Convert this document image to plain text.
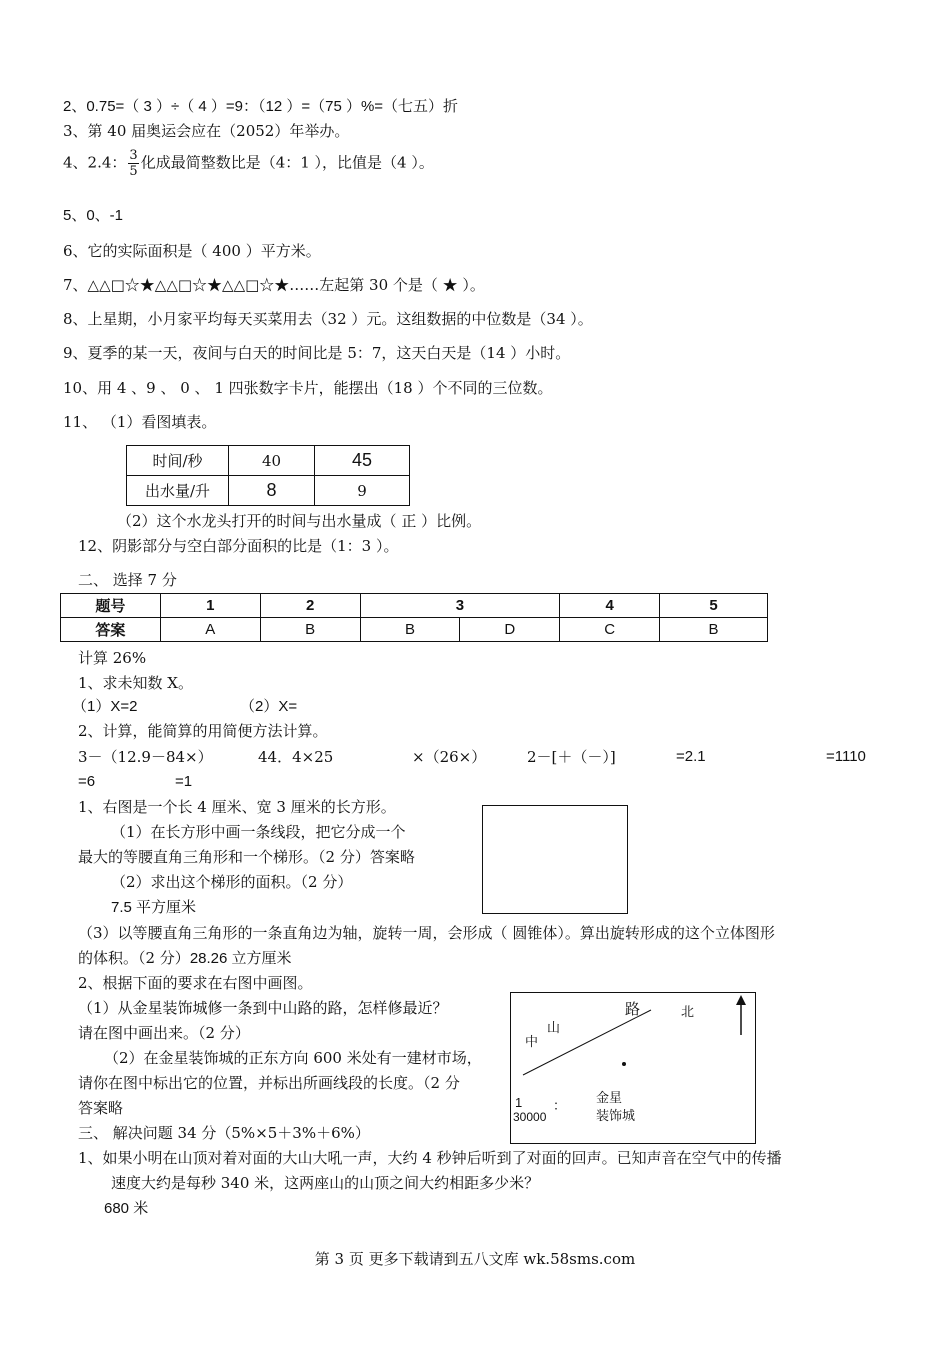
2、0.75=（ 3 ）÷（ 4 ）=9：（12 ）=（75 ）%=（七五）折
3、第 40 届奥运会应在（2052）年举办。
4、2.4： $\frac{3}{5}$ 化成最简整数比是（4：1 ），比值是（4 ）。
5、0、-1
6、它的实际面积是（ 400 ）平方米。
7、△△□☆★△△□☆★△△□☆★……左起第 30 个是（ ★ ）。
8、上星期，小月家平均每天买菜用去（32 ）元。这组数据的中位数是（34 ）。
9、夏季的某一天，夜间与白天的时间比是 5：7，这天白天是（14 ）小时。
10、用 4 、9 、 0 、 1 四张数字卡片，能摆出（18 ）个不同的三位数。
11、 （1）看图填表。
时间/秒	40	45
出水量/升	8	9
（2）这个水龙头打开的时间与出水量成（ 正 ）比例。
12、阴影部分与空白部分面积的比是（1：3 ）。
二、 选择 7 分
题号	1	2	3		4	5
答案	A	B	B	D	C	B
计算 26%
1、求未知数 X。
（1）X=2	（2）X=
2、计算，能简算的用简便方法计算。
3－（12.9－84×）	44．4×25	×（26×）	2－[＋（－）]	=2.1	=1110
=6	=1
1、右图是一个长 4 厘米、宽 3 厘米的长方形。
（1）在长方形中画一条线段，把它分成一个
最大的等腰直角三角形和一个梯形。（2 分）答案略
（2）求出这个梯形的面积。（2 分）
7.5 平方厘米
（3）以等腰直角三角形的一条直角边为轴，旋转一周，会形成（ 圆锥体）。算出旋转形成的这个立体图形
的体积。（2 分）28.26 立方厘米
2、根据下面的要求在右图中画图。
（1）从金星装饰城修一条到中山路的路，怎样修最近？
请在图中画出来。（2 分）
（2）在金星装饰城的正东方向 600 米处有一建材市场，
请你在图中标出它的位置，并标出所画线段的长度。（2 分
答案略
路	北
山
中
1 ：
30000
金星
装饰城
三、 解决问题 34 分（5%×5＋3%＋6%）
1、如果小明在山顶对着对面的大山大吼一声，大约 4 秒钟后听到了对面的回声。已知声音在空气中的传播
速度大约是每秒 340 米，这两座山的山顶之间大约相距多少米？
680 米
第 3 页 更多下载请到五八文库 wk.58sms.com
